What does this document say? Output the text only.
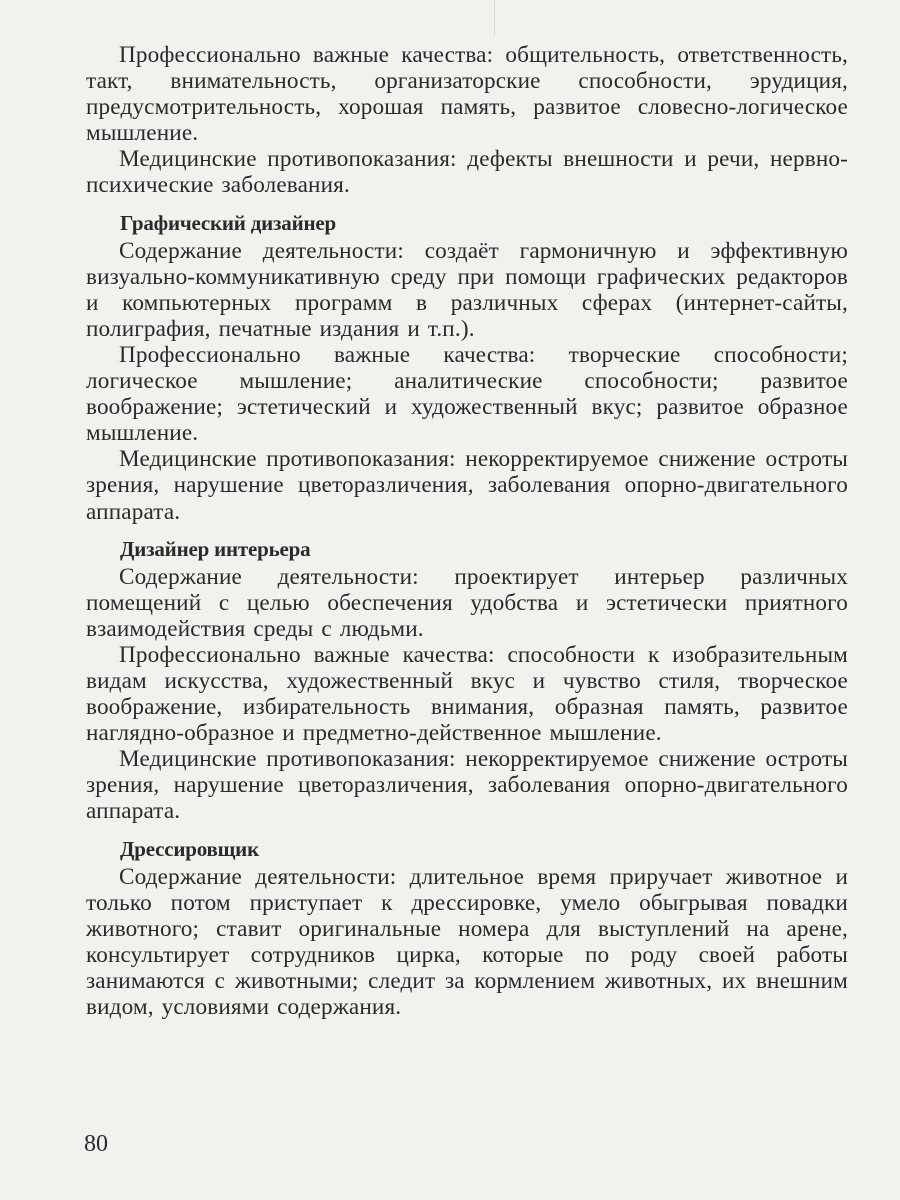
Профессионально важные качества: общительность, ответственность, такт, внимательность, организаторские способности, эрудиция, предусмотрительность, хорошая память, развитое словесно-логическое мышление.

Медицинские противопоказания: дефекты внешности и речи, нервно-психические заболевания.

Графический дизайнер

Содержание деятельности: создаёт гармоничную и эффективную визуально-коммуникативную среду при помощи графических редакторов и компьютерных программ в различных сферах (интернет-сайты, полиграфия, печатные издания и т.п.).

Профессионально важные качества: творческие способности; логическое мышление; аналитические способности; развитое воображение; эстетический и художественный вкус; развитое образное мышление.

Медицинские противопоказания: некорректируемое снижение остроты зрения, нарушение цветоразличения, заболевания опорно-двигательного аппарата.

Дизайнер интерьера

Содержание деятельности: проектирует интерьер различных помещений с целью обеспечения удобства и эстетически приятного взаимодействия среды с людьми.

Профессионально важные качества: способности к изобразительным видам искусства, художественный вкус и чувство стиля, творческое воображение, избирательность внимания, образная память, развитое наглядно-образное и предметно-действенное мышление.

Медицинские противопоказания: некорректируемое снижение остроты зрения, нарушение цветоразличения, заболевания опорно-двигательного аппарата.

Дрессировщик

Содержание деятельности: длительное время приручает животное и только потом приступает к дрессировке, умело обыгрывая повадки животного; ставит оригинальные номера для выступлений на арене, консультирует сотрудников цирка, которые по роду своей работы занимаются с животными; следит за кормлением животных, их внешним видом, условиями содержания.

80
